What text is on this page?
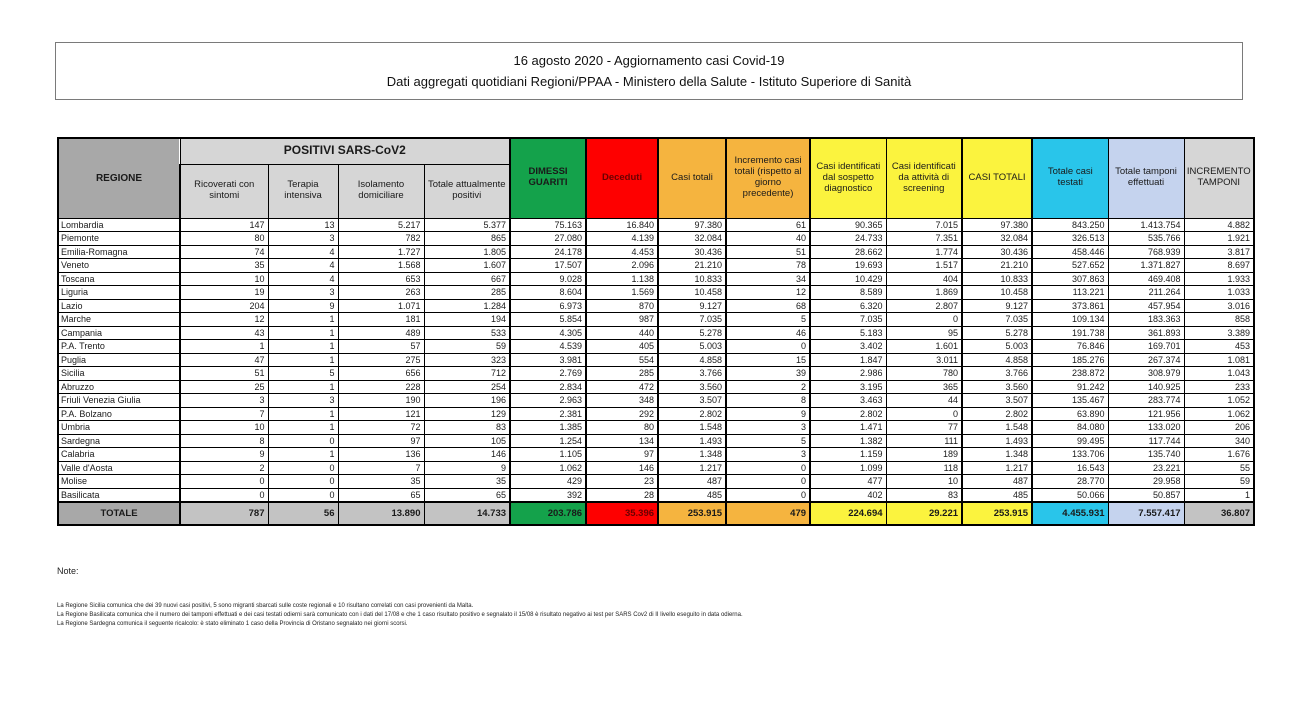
16 agosto 2020 - Aggiornamento casi Covid-19
Dati aggregati quotidiani Regioni/PPAA - Ministero della Salute - Istituto Superiore di Sanità
REGIONE	POSITIVI SARS-CoV2				DIMESSI GUARITI	Deceduti	Casi totali	Incremento casi totali (rispetto al giorno precedente)	Casi identificati dal sospetto diagnostico	Casi identificati da attività di screening	CASI TOTALI	Totale casi testati	Totale tamponi effettuati	INCREMENTO TAMPONI
	Ricoverati con sintomi	Terapia intensiva	Isolamento domiciliare	Totale attualmente positivi										
Lombardia	147	13	5.217	5.377	75.163	16.840	97.380	61	90.365	7.015	97.380	843.250	1.413.754	4.882
Piemonte	80	3	782	865	27.080	4.139	32.084	40	24.733	7.351	32.084	326.513	535.766	1.921
Emilia-Romagna	74	4	1.727	1.805	24.178	4.453	30.436	51	28.662	1.774	30.436	458.446	768.939	3.817
Veneto	35	4	1.568	1.607	17.507	2.096	21.210	78	19.693	1.517	21.210	527.652	1.371.827	8.697
Toscana	10	4	653	667	9.028	1.138	10.833	34	10.429	404	10.833	307.863	469.408	1.933
Liguria	19	3	263	285	8.604	1.569	10.458	12	8.589	1.869	10.458	113.221	211.264	1.033
Lazio	204	9	1.071	1.284	6.973	870	9.127	68	6.320	2.807	9.127	373.861	457.954	3.016
Marche	12	1	181	194	5.854	987	7.035	5	7.035	0	7.035	109.134	183.363	858
Campania	43	1	489	533	4.305	440	5.278	46	5.183	95	5.278	191.738	361.893	3.389
P.A. Trento	1	1	57	59	4.539	405	5.003	0	3.402	1.601	5.003	76.846	169.701	453
Puglia	47	1	275	323	3.981	554	4.858	15	1.847	3.011	4.858	185.276	267.374	1.081
Sicilia	51	5	656	712	2.769	285	3.766	39	2.986	780	3.766	238.872	308.979	1.043
Abruzzo	25	1	228	254	2.834	472	3.560	2	3.195	365	3.560	91.242	140.925	233
Friuli Venezia Giulia	3	3	190	196	2.963	348	3.507	8	3.463	44	3.507	135.467	283.774	1.052
P.A. Bolzano	7	1	121	129	2.381	292	2.802	9	2.802	0	2.802	63.890	121.956	1.062
Umbria	10	1	72	83	1.385	80	1.548	3	1.471	77	1.548	84.080	133.020	206
Sardegna	8	0	97	105	1.254	134	1.493	5	1.382	111	1.493	99.495	117.744	340
Calabria	9	1	136	146	1.105	97	1.348	3	1.159	189	1.348	133.706	135.740	1.676
Valle d'Aosta	2	0	7	9	1.062	146	1.217	0	1.099	118	1.217	16.543	23.221	55
Molise	0	0	35	35	429	23	487	0	477	10	487	28.770	29.958	59
Basilicata	0	0	65	65	392	28	485	0	402	83	485	50.066	50.857	1
TOTALE	787	56	13.890	14.733	203.786	35.396	253.915	479	224.694	29.221	253.915	4.455.931	7.557.417	36.807
Note:
La Regione Sicilia comunica che dei 39 nuovi casi positivi, 5 sono migranti sbarcati sulle coste regionali e 10 risultano correlati con casi provenienti da Malta.
La Regione Basilicata comunica che il numero dei tamponi effettuati e dei casi testati odierni sarà comunicato con i dati del 17/08 e che 1 caso risultato positivo e segnalato il 15/08 è risultato negativo ai test per SARS Cov2 di II livello eseguito in data odierna.
La Regione Sardegna comunica il seguente ricalcolo: è stato eliminato 1 caso della Provincia di Oristano segnalato nei giorni scorsi.
